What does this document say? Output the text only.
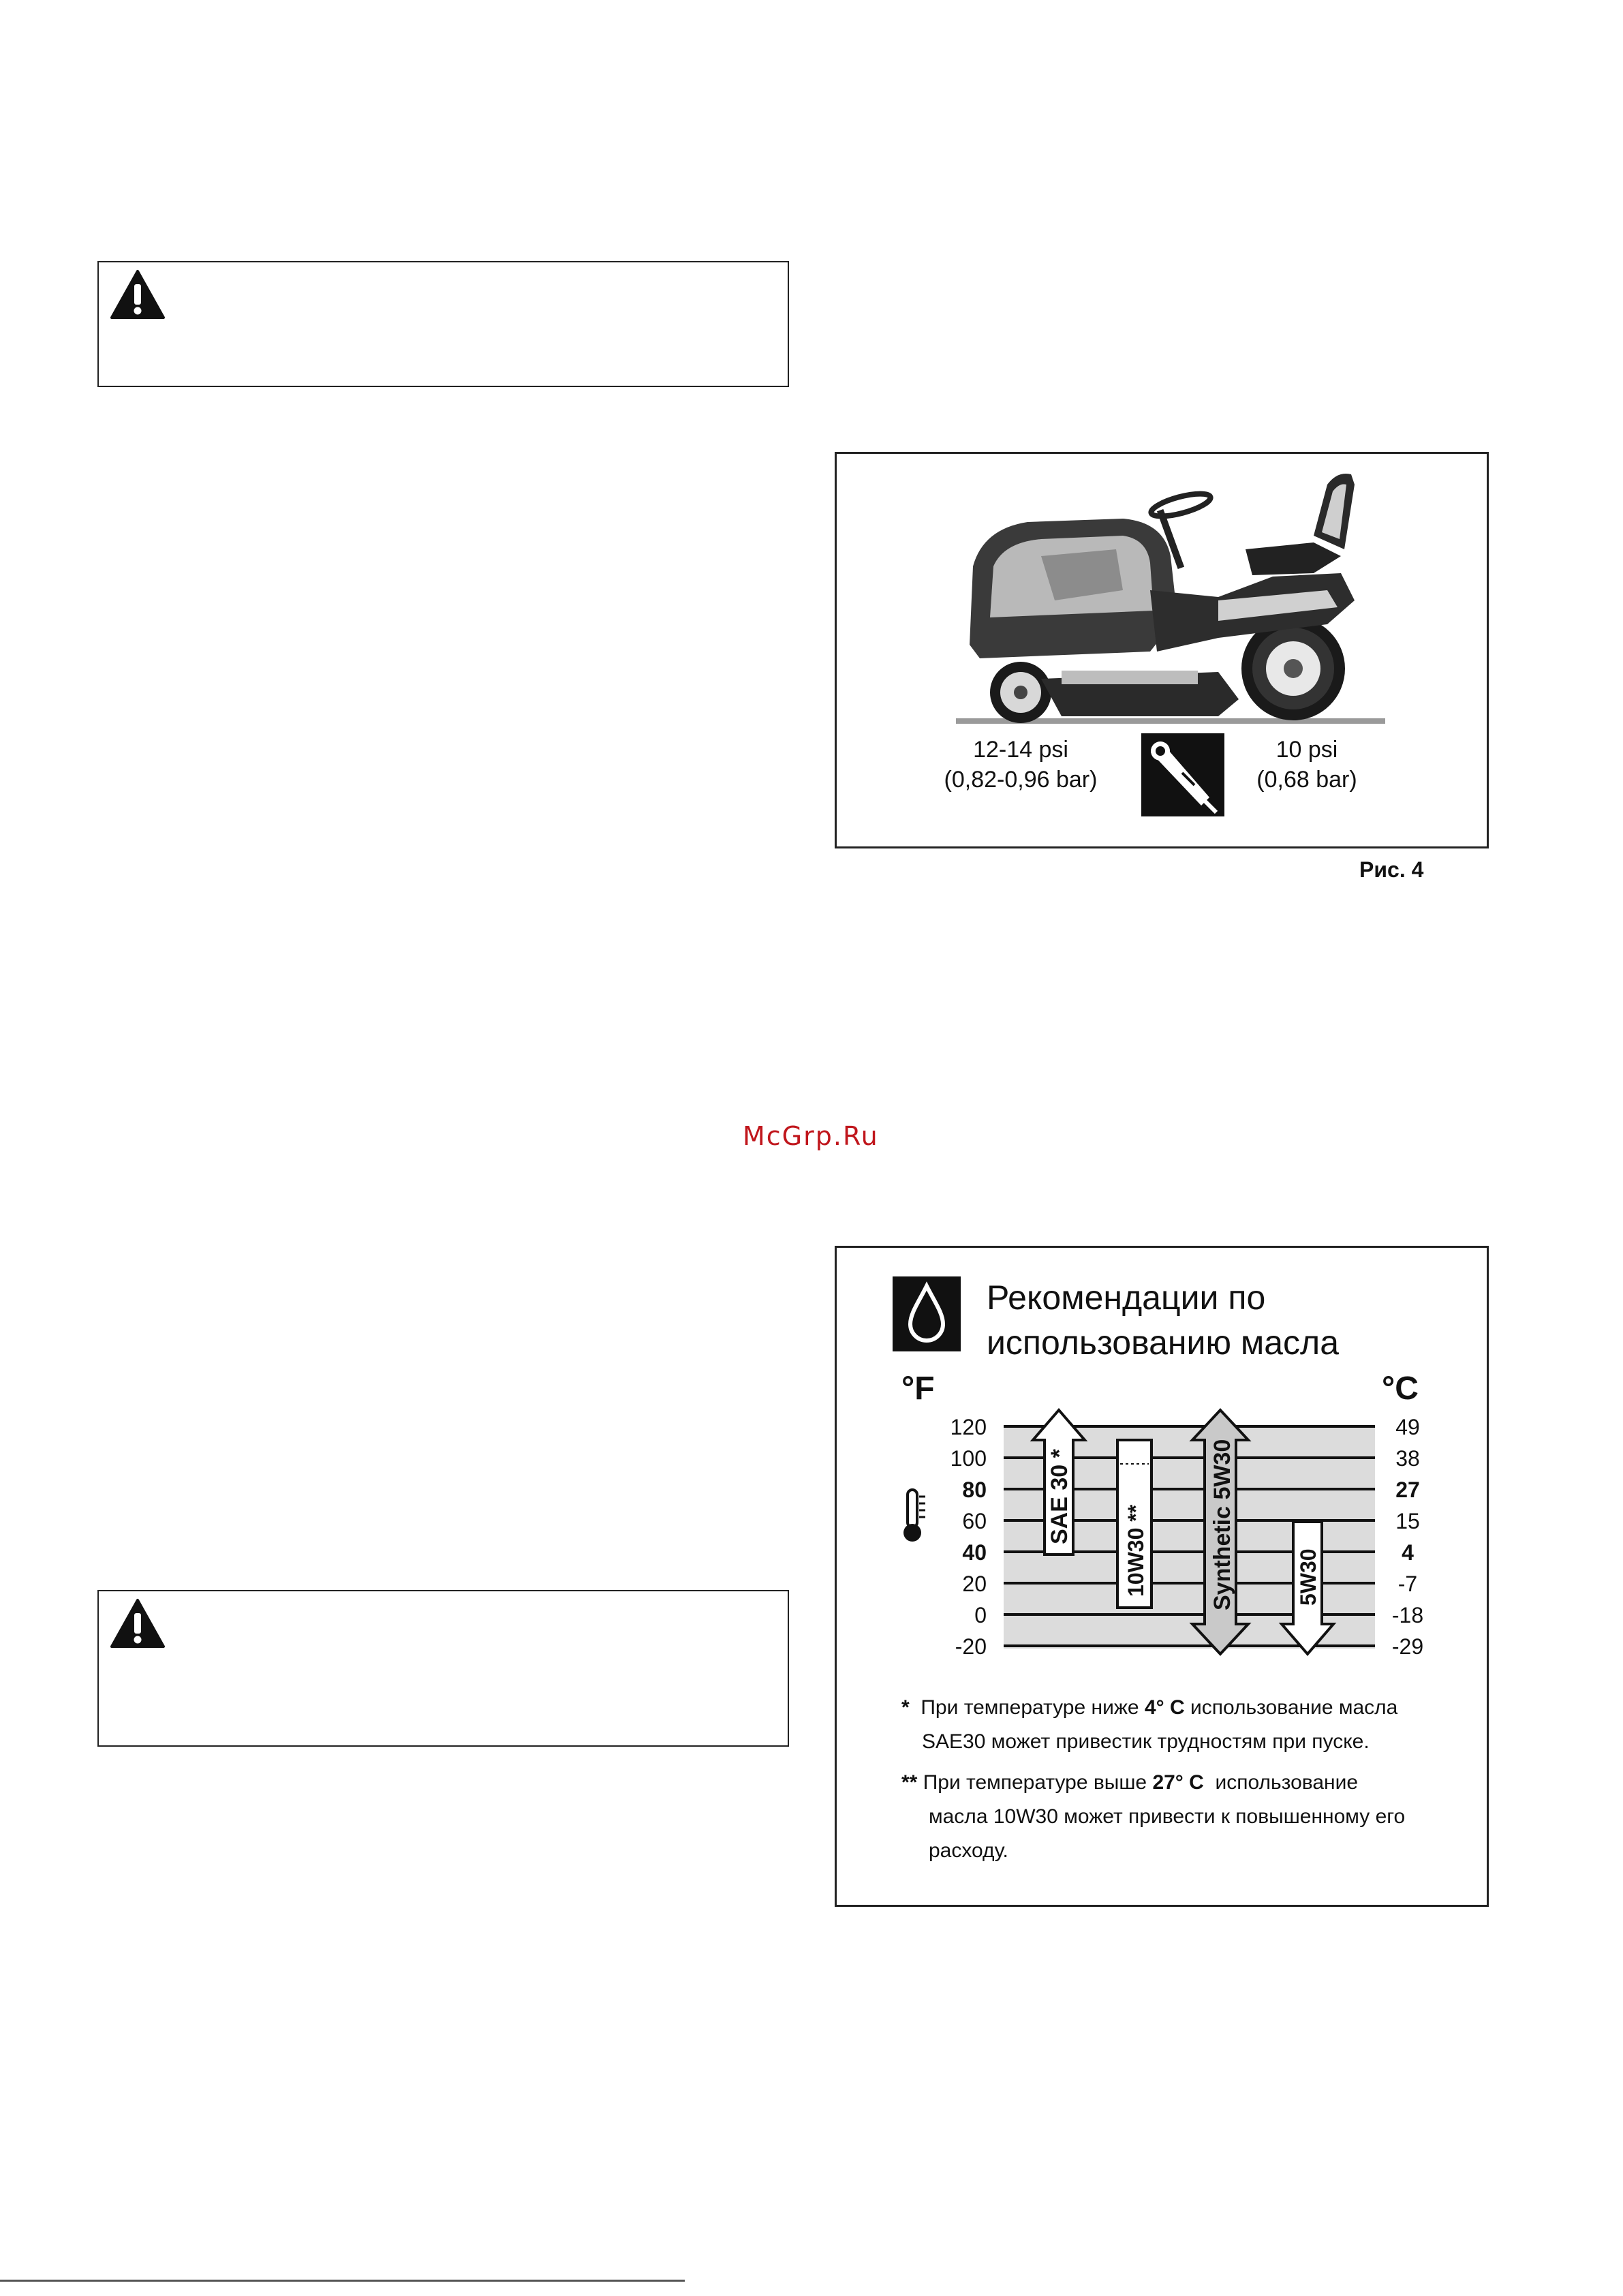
12-14 psi
(0,82-0,96 bar)
10 psi
(0,68 bar)
Рис. 4
McGrp.Ru
Рекомендации по
использованию масла
°F	°C
120
100
80
60
40
20
0
-20
49
38
27
15
4
-7
-18
-29
SAE 30 *
10W30 **	Synthetic 5W30	5W30
* При температуре ниже 4° C использование масла
SAE30 может привестик трудностям при пуске.
** При температуре выше 27° C использование
масла 10W30 может привести к повышенному его
расходу.
